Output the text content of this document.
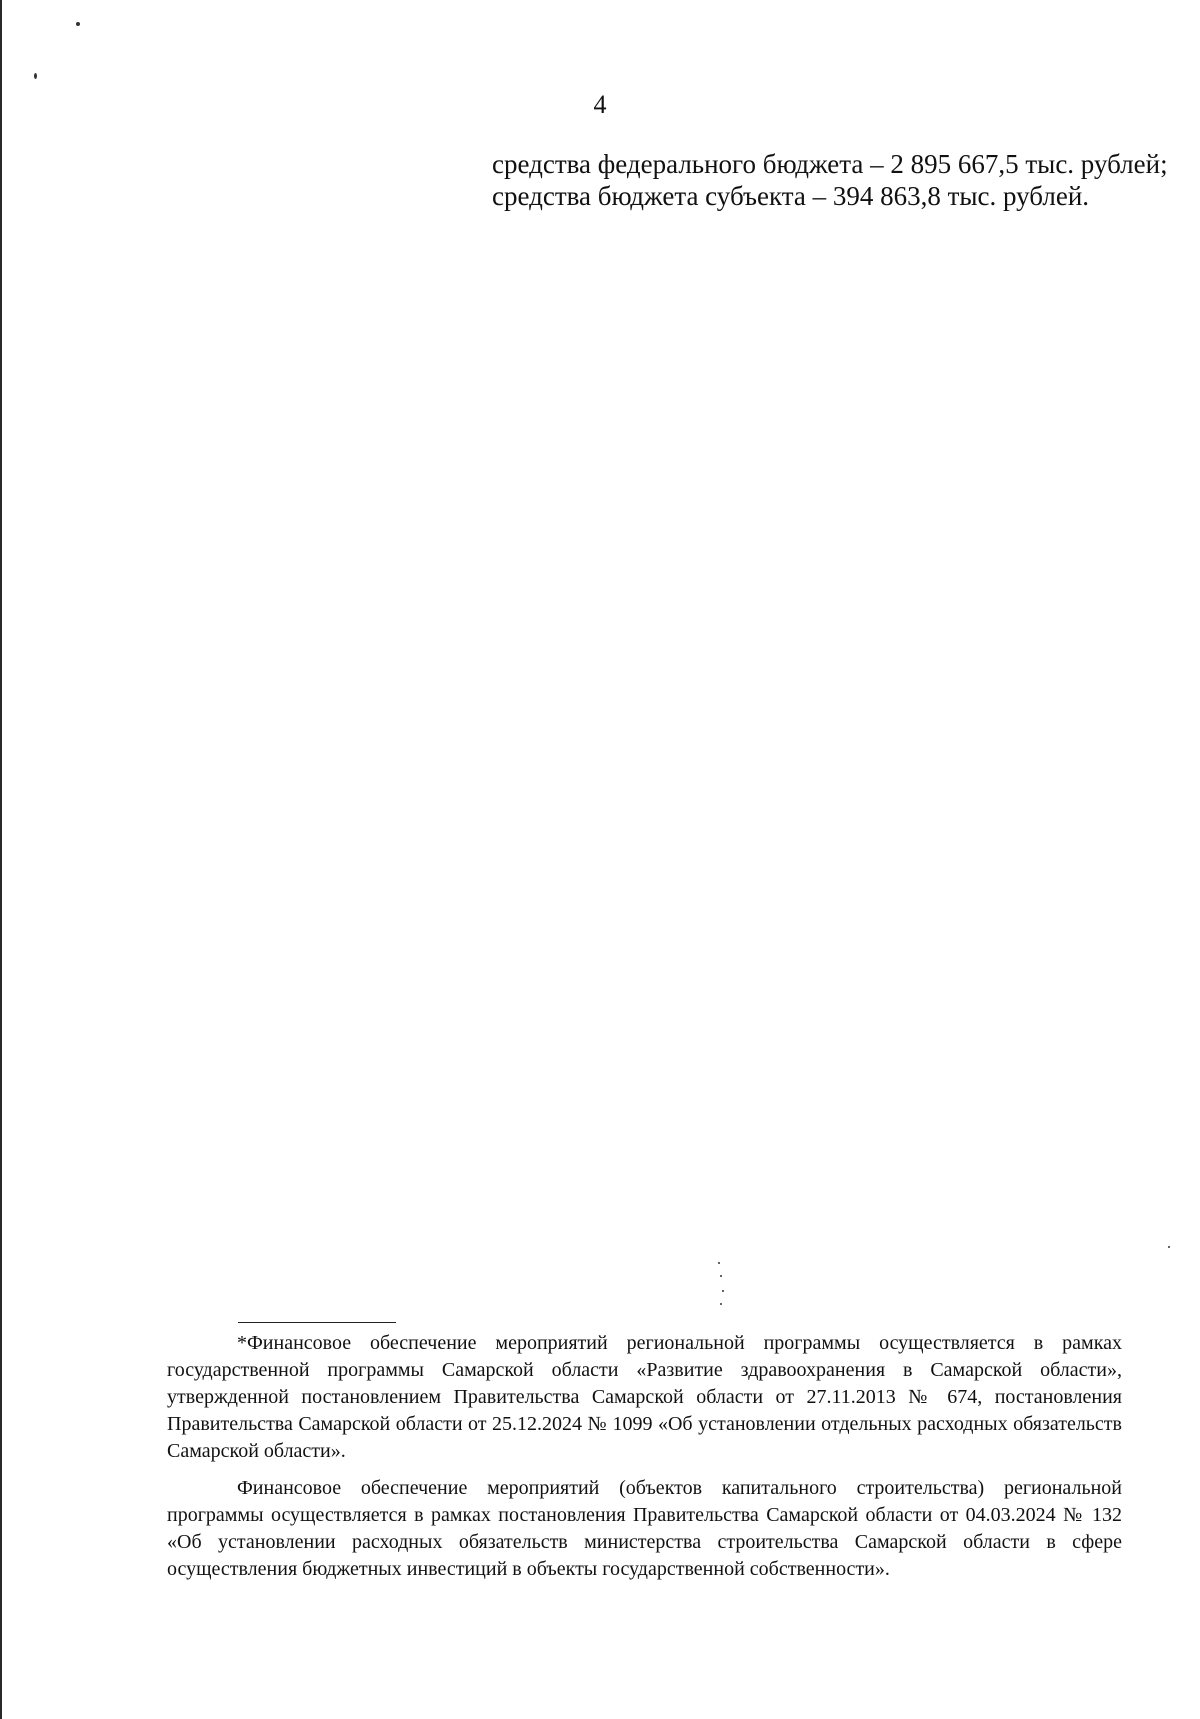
4

средства федерального бюджета – 2 895 667,5 тыс. рублей;

средства бюджета субъекта – 394 863,8 тыс. рублей.

*Финансовое обеспечение мероприятий региональной программы осуществляется в рамках государственной программы Самарской области «Развитие здравоохранения в Самарской области», утвержденной постановлением Правительства Самарской области от 27.11.2013 № 674, постановления Правительства Самарской области от 25.12.2024 № 1099 «Об установлении отдельных расходных обязательств Самарской области».

Финансовое обеспечение мероприятий (объектов капитального строительства) региональной программы осуществляется в рамках постановления Правительства Самарской области от 04.03.2024 № 132 «Об установлении расходных обязательств министерства строительства Самарской области в сфере осуществления бюджетных инвестиций в объекты государственной собственности».
